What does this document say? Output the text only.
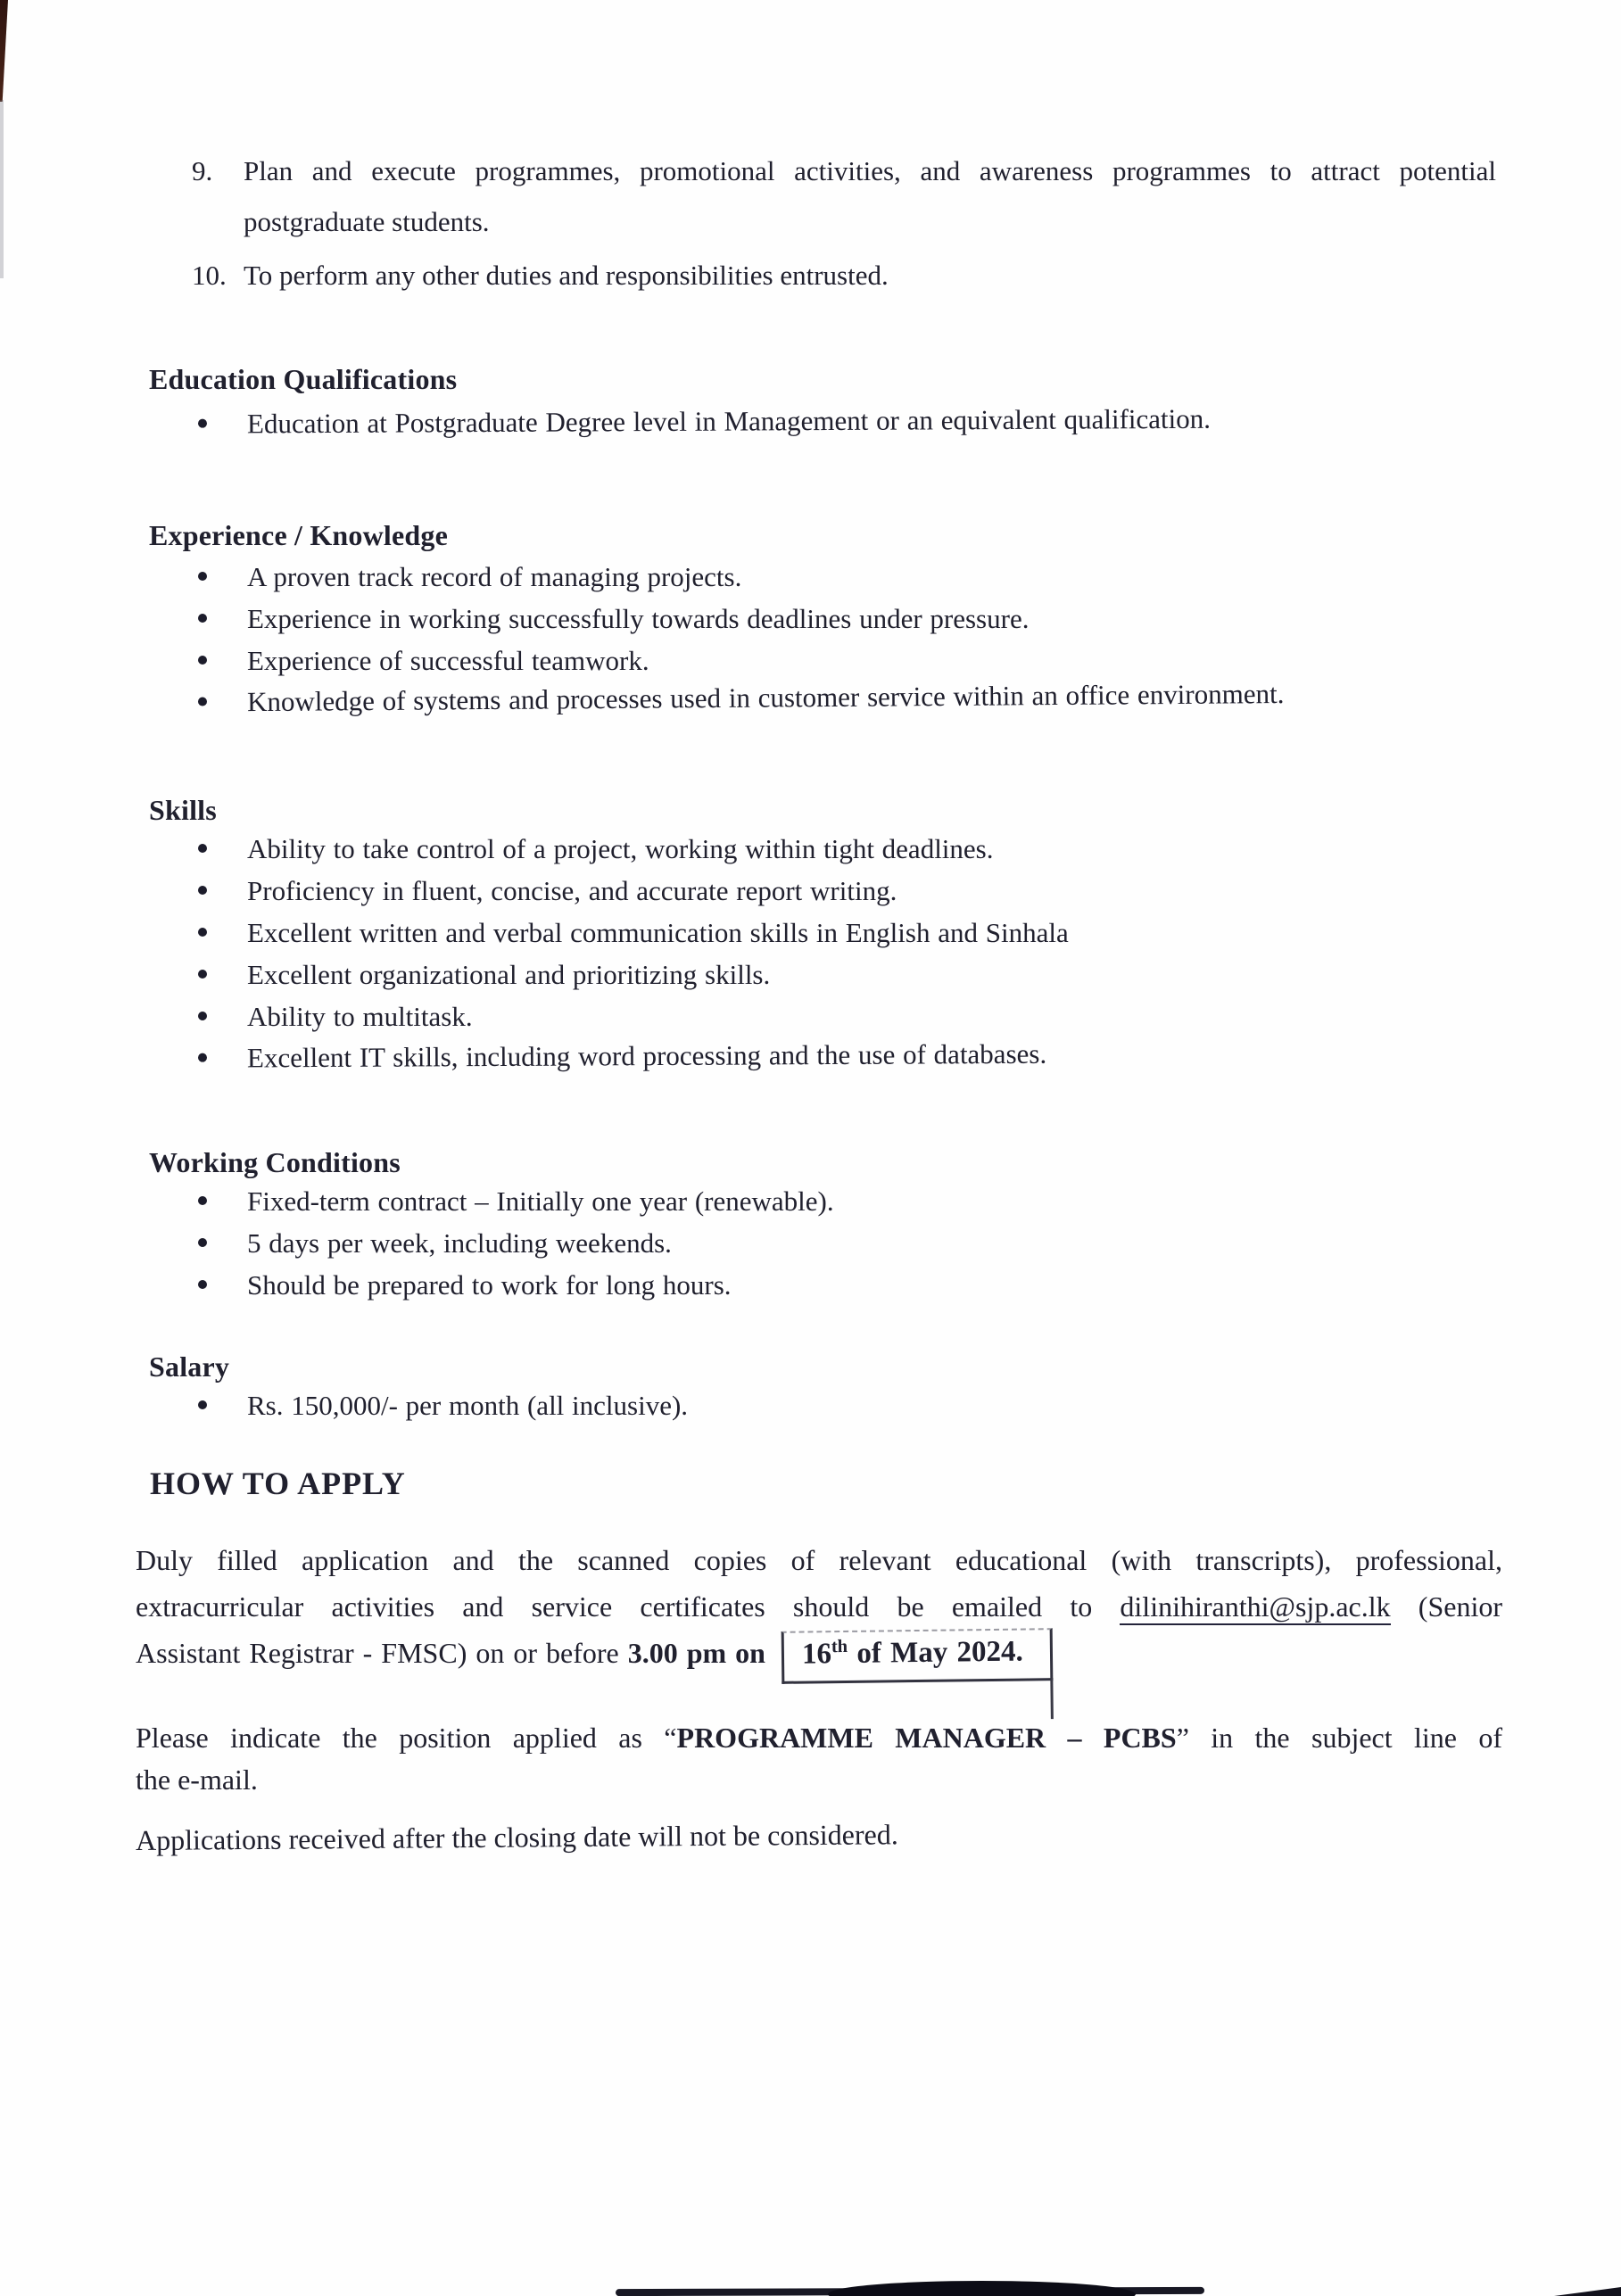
9.	Plan and execute programmes, promotional activities, and awareness programmes to attract potential
postgraduate students.
10. To perform any other duties and responsibilities entrusted.
Education Qualifications
Education at Postgraduate Degree level in Management or an equivalent qualification.
Experience / Knowledge
A proven track record of managing projects.
Experience in working successfully towards deadlines under pressure.
Experience of successful teamwork.
Knowledge of systems and processes used in customer service within an office environment.
Skills
Ability to take control of a project, working within tight deadlines.
Proficiency in fluent, concise, and accurate report writing.
Excellent written and verbal communication skills in English and Sinhala
Excellent organizational and prioritizing skills.
Ability to multitask.
Excellent IT skills, including word processing and the use of databases.
Working Conditions
Fixed-term contract – Initially one year (renewable).
5 days per week, including weekends.
Should be prepared to work for long hours.
Salary
Rs. 150,000/- per month (all inclusive).
HOW TO APPLY
Duly filled application and the scanned copies of relevant educational (with transcripts), professional,
extracurricular activities and service certificates should be emailed to dilinihiranthi@sjp.ac.lk (Senior
Assistant Registrar - FMSC) on or before 3.00 pm on 16th of May 2024.
Please indicate the position applied as “PROGRAMME MANAGER – PCBS” in the subject line of
the e-mail.
Applications received after the closing date will not be considered.
